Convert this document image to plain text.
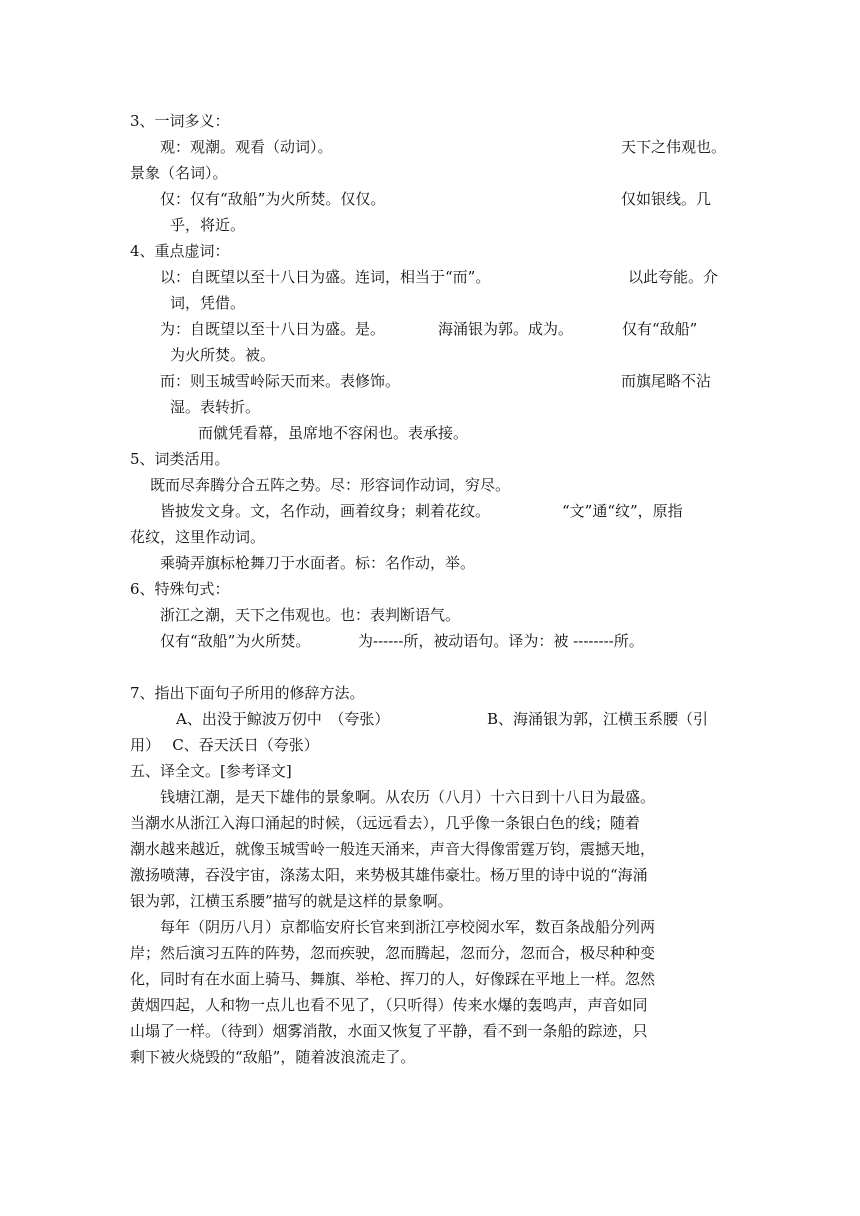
3、一词多义：
观：观潮。观看（动词）。	天下之伟观也。
景象（名词）。
仅：仅有“敌船”为火所焚。仅仅。	仅如银线。几
乎，将近。
4、重点虚词：
以：自既望以至十八日为盛。连词，相当于“而”。	以此夸能。介
词，凭借。
为：自既望以至十八日为盛。是。	海涌银为郭。成为。	仅有“敌船”
为火所焚。被。
而：则玉城雪岭际天而来。表修饰。	而旗尾略不沾
湿。表转折。
而僦凭看幕，虽席地不容闲也。表承接。
5、词类活用。
既而尽奔腾分合五阵之势。尽：形容词作动词，穷尽。
皆披发文身。文，名作动，画着纹身；刺着花纹。	“文”通“纹”，原指
花纹，这里作动词。
乘骑弄旗标枪舞刀于水面者。标：名作动，举。
6、特殊句式：
浙江之潮，天下之伟观也。也：表判断语气。
仅有“敌船”为火所焚。	为------所，被动语句。译为：被 --------所。
7、指出下面句子所用的修辞方法。
A、出没于鲸波万仞中　（夸张）	B、海涌银为郭，江横玉系腰（引
用）　 C、吞天沃日（夸张）
五、译全文。[参考译文]
钱塘江潮，是天下雄伟的景象啊。从农历（八月）十六日到十八日为最盛。
当潮水从浙江入海口涌起的时候，（远远看去），几乎像一条银白色的线；随着
潮水越来越近，就像玉城雪岭一般连天涌来，声音大得像雷霆万钧，震撼天地，
激扬喷薄，吞没宇宙，涤荡太阳，来势极其雄伟豪壮。杨万里的诗中说的“海涌
银为郭，江横玉系腰”描写的就是这样的景象啊。
每年（阴历八月）京都临安府长官来到浙江亭校阅水军，数百条战船分列两
岸；然后演习五阵的阵势，忽而疾驶，忽而腾起，忽而分，忽而合，极尽种种变
化，同时有在水面上骑马、舞旗、举枪、挥刀的人，好像踩在平地上一样。忽然
黄烟四起，人和物一点儿也看不见了，（只听得）传来水爆的轰鸣声，声音如同
山塌了一样。（待到）烟雾消散，水面又恢复了平静，看不到一条船的踪迹，只
剩下被火烧毁的“敌船”，随着波浪流走了。
